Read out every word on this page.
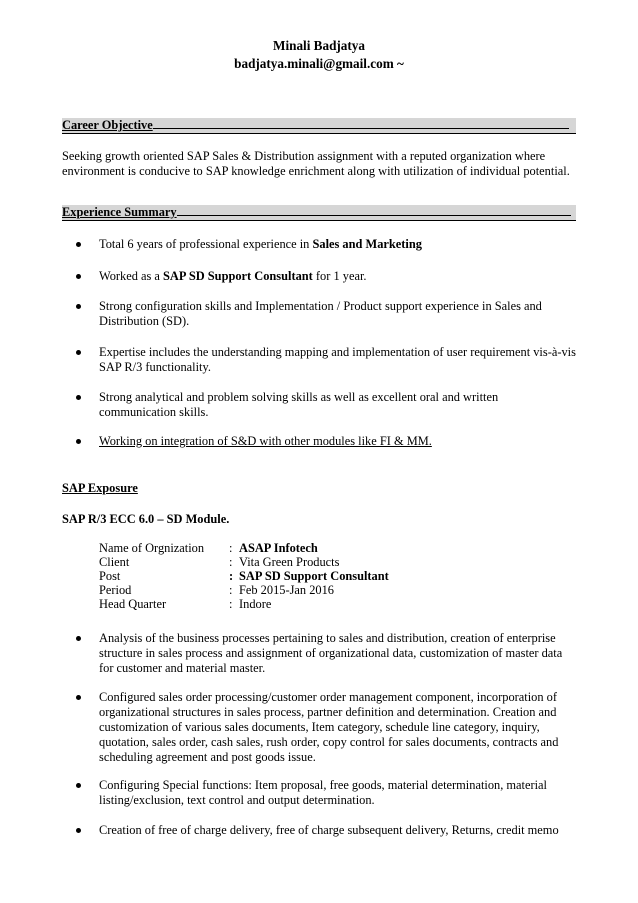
Minali Badjatya
badjatya.minali@gmail.com ~
Career Objective
Seeking growth oriented SAP Sales & Distribution assignment with a reputed organization where environment is conducive to SAP knowledge enrichment along with utilization of individual potential.
Experience Summary
Total 6 years of professional experience in Sales and Marketing
Worked as a SAP SD Support Consultant for 1 year.
Strong configuration skills and Implementation / Product support experience in Sales and Distribution (SD).
Expertise includes the understanding mapping and implementation of user requirement vis-à-vis SAP R/3 functionality.
Strong analytical and problem solving skills as well as excellent oral and written communication skills.
Working on integration of S&D with other modules like FI & MM.
SAP Exposure
SAP R/3 ECC 6.0 – SD Module.
Name of Orgnization : ASAP Infotech
Client	: Vita Green Products
Post	: SAP SD Support Consultant
Period	: Feb 2015-Jan 2016
Head Quarter	: Indore
Analysis of the business processes pertaining to sales and distribution, creation of enterprise structure in sales process and assignment of organizational data, customization of master data for customer and material master.
Configured sales order processing/customer order management component, incorporation of organizational structures in sales process, partner definition and determination. Creation and customization of various sales documents, Item category, schedule line category, inquiry, quotation, sales order, cash sales, rush order, copy control for sales documents, contracts and scheduling agreement and post goods issue.
Configuring Special functions: Item proposal, free goods, material determination, material listing/exclusion, text control and output determination.
Creation of free of charge delivery, free of charge subsequent delivery, Returns, credit memo
